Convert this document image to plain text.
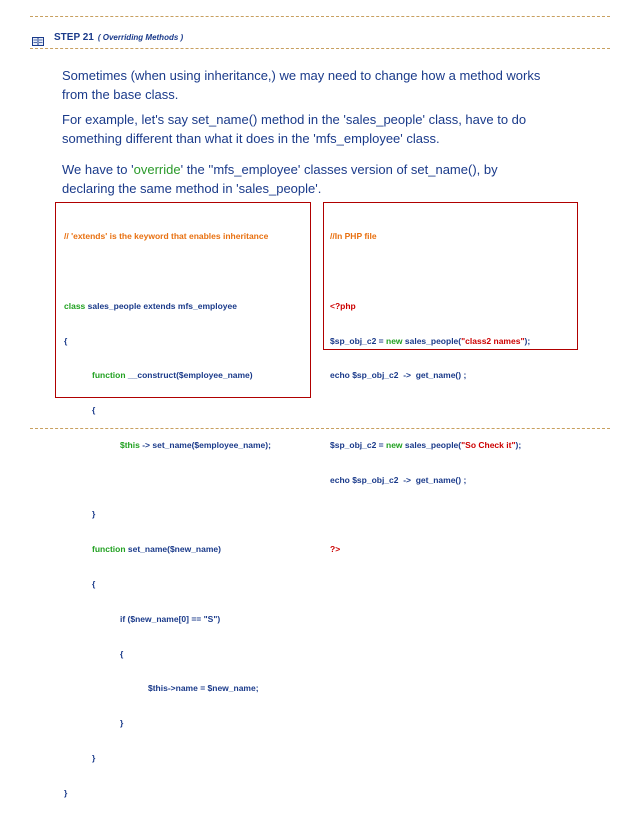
STEP 21 ( Overriding Methods )
Sometimes (when using inheritance,) we may need to change how a method works from the base class.
For example, let's say set_name() method in the 'sales_people' class, have to do something different than what it does in the 'mfs_employee' class.
We have to 'override' the ''mfs_employee' classes version of set_name(), by declaring the same method in 'sales_people'.

// 'extends' is the keyword that enables inheritance

class sales_people extends mfs_employee

{

function __construct($employee_name)

{

$this -> set_name($employee_name);

}

function set_name($new_name)

{

if ($new_name[0] == "S")

{

$this->name = $new_name;

}

}

}

//In PHP file

<?php

$sp_obj_c2 = new sales_people("class2 names");

echo $sp_obj_c2  ->  get_name() ;

$sp_obj_c2 = new sales_people("So Check it");

echo $sp_obj_c2  ->  get_name() ;

?>
